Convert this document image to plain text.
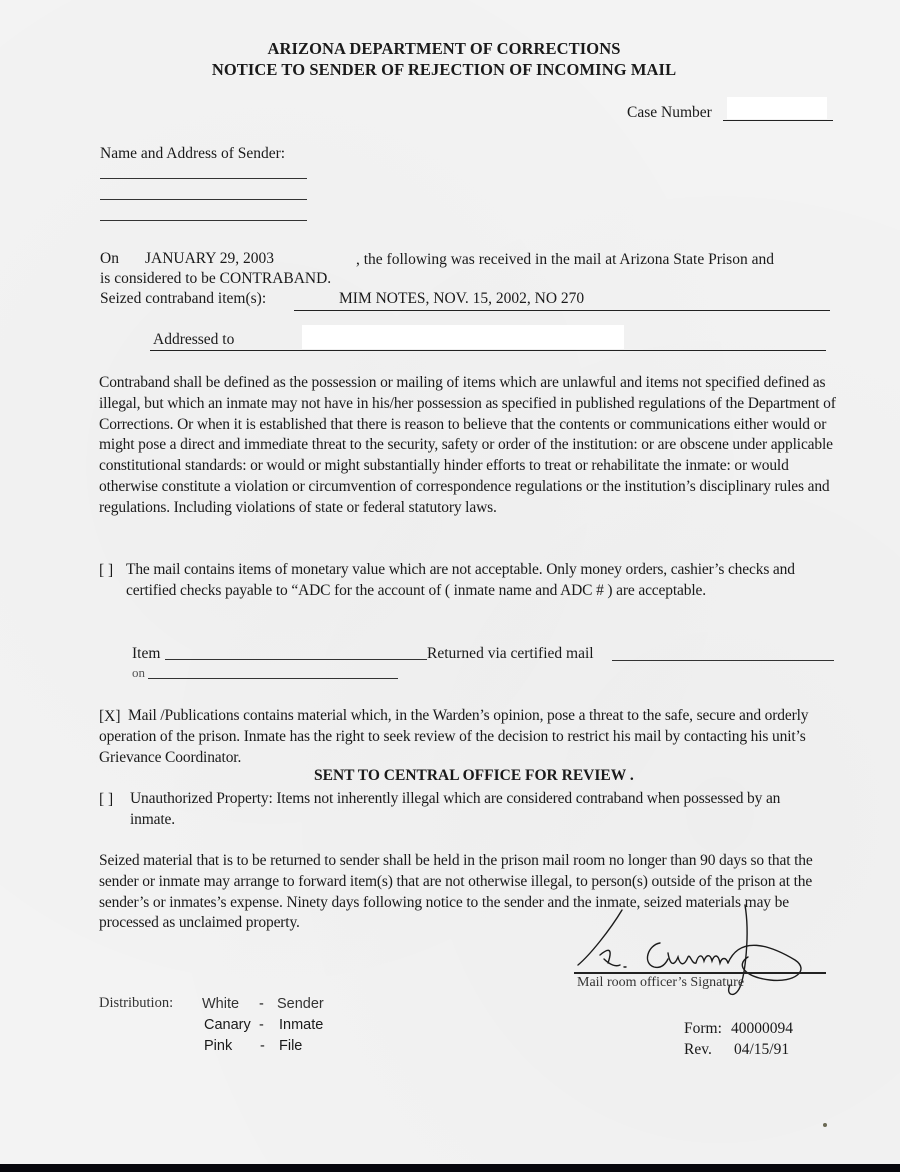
ARIZONA DEPARTMENT OF CORRECTIONS
NOTICE TO SENDER OF REJECTION OF INCOMING MAIL
Case Number
Name and Address of Sender:
On JANUARY 29, 2003	, the following was received in the mail at Arizona State Prison and
is considered to be CONTRABAND.
Seized contraband item(s):	MIM NOTES, NOV. 15, 2002, NO 270
Addressed to
Contraband shall be defined as the possession or mailing of items which are unlawful and items not specified defined as illegal, but which an inmate may not have in his/her possession as specified in published regulations of the Department of Corrections. Or when it is established that there is reason to believe that the contents or communications either would or might pose a direct and immediate threat to the security, safety or order of the institution: or are obscene under applicable constitutional standards: or would or might substantially hinder efforts to treat or rehabilitate the inmate: or would otherwise constitute a violation or circumvention of correspondence regulations or the institution’s disciplinary rules and regulations. Including violations of state or federal statutory laws.
[ ] The mail contains items of monetary value which are not acceptable. Only money orders, cashier’s checks and certified checks payable to “ADC for the account of ( inmate name and ADC # ) are acceptable.
Item	Returned via certified mail
on
[X] Mail /Publications contains material which, in the Warden’s opinion, pose a threat to the safe, secure and orderly operation of the prison. Inmate has the right to seek review of the decision to restrict his mail by contacting his unit’s Grievance Coordinator.
SENT TO CENTRAL OFFICE FOR REVIEW .
[ ] Unauthorized Property: Items not inherently illegal which are considered contraband when possessed by an inmate.
Seized material that is to be returned to sender shall be held in the prison mail room no longer than 90 days so that the sender or inmate may arrange to forward item(s) that are not otherwise illegal, to person(s) outside of the prison at the sender’s or inmates’s expense. Ninety days following notice to the sender and the inmate, seized materials may be processed as unclaimed property.
Mail room officer’s Signature
Distribution: White - Sender
Canary - Inmate
Pink - File
Form: 40000094
Rev. 04/15/91
